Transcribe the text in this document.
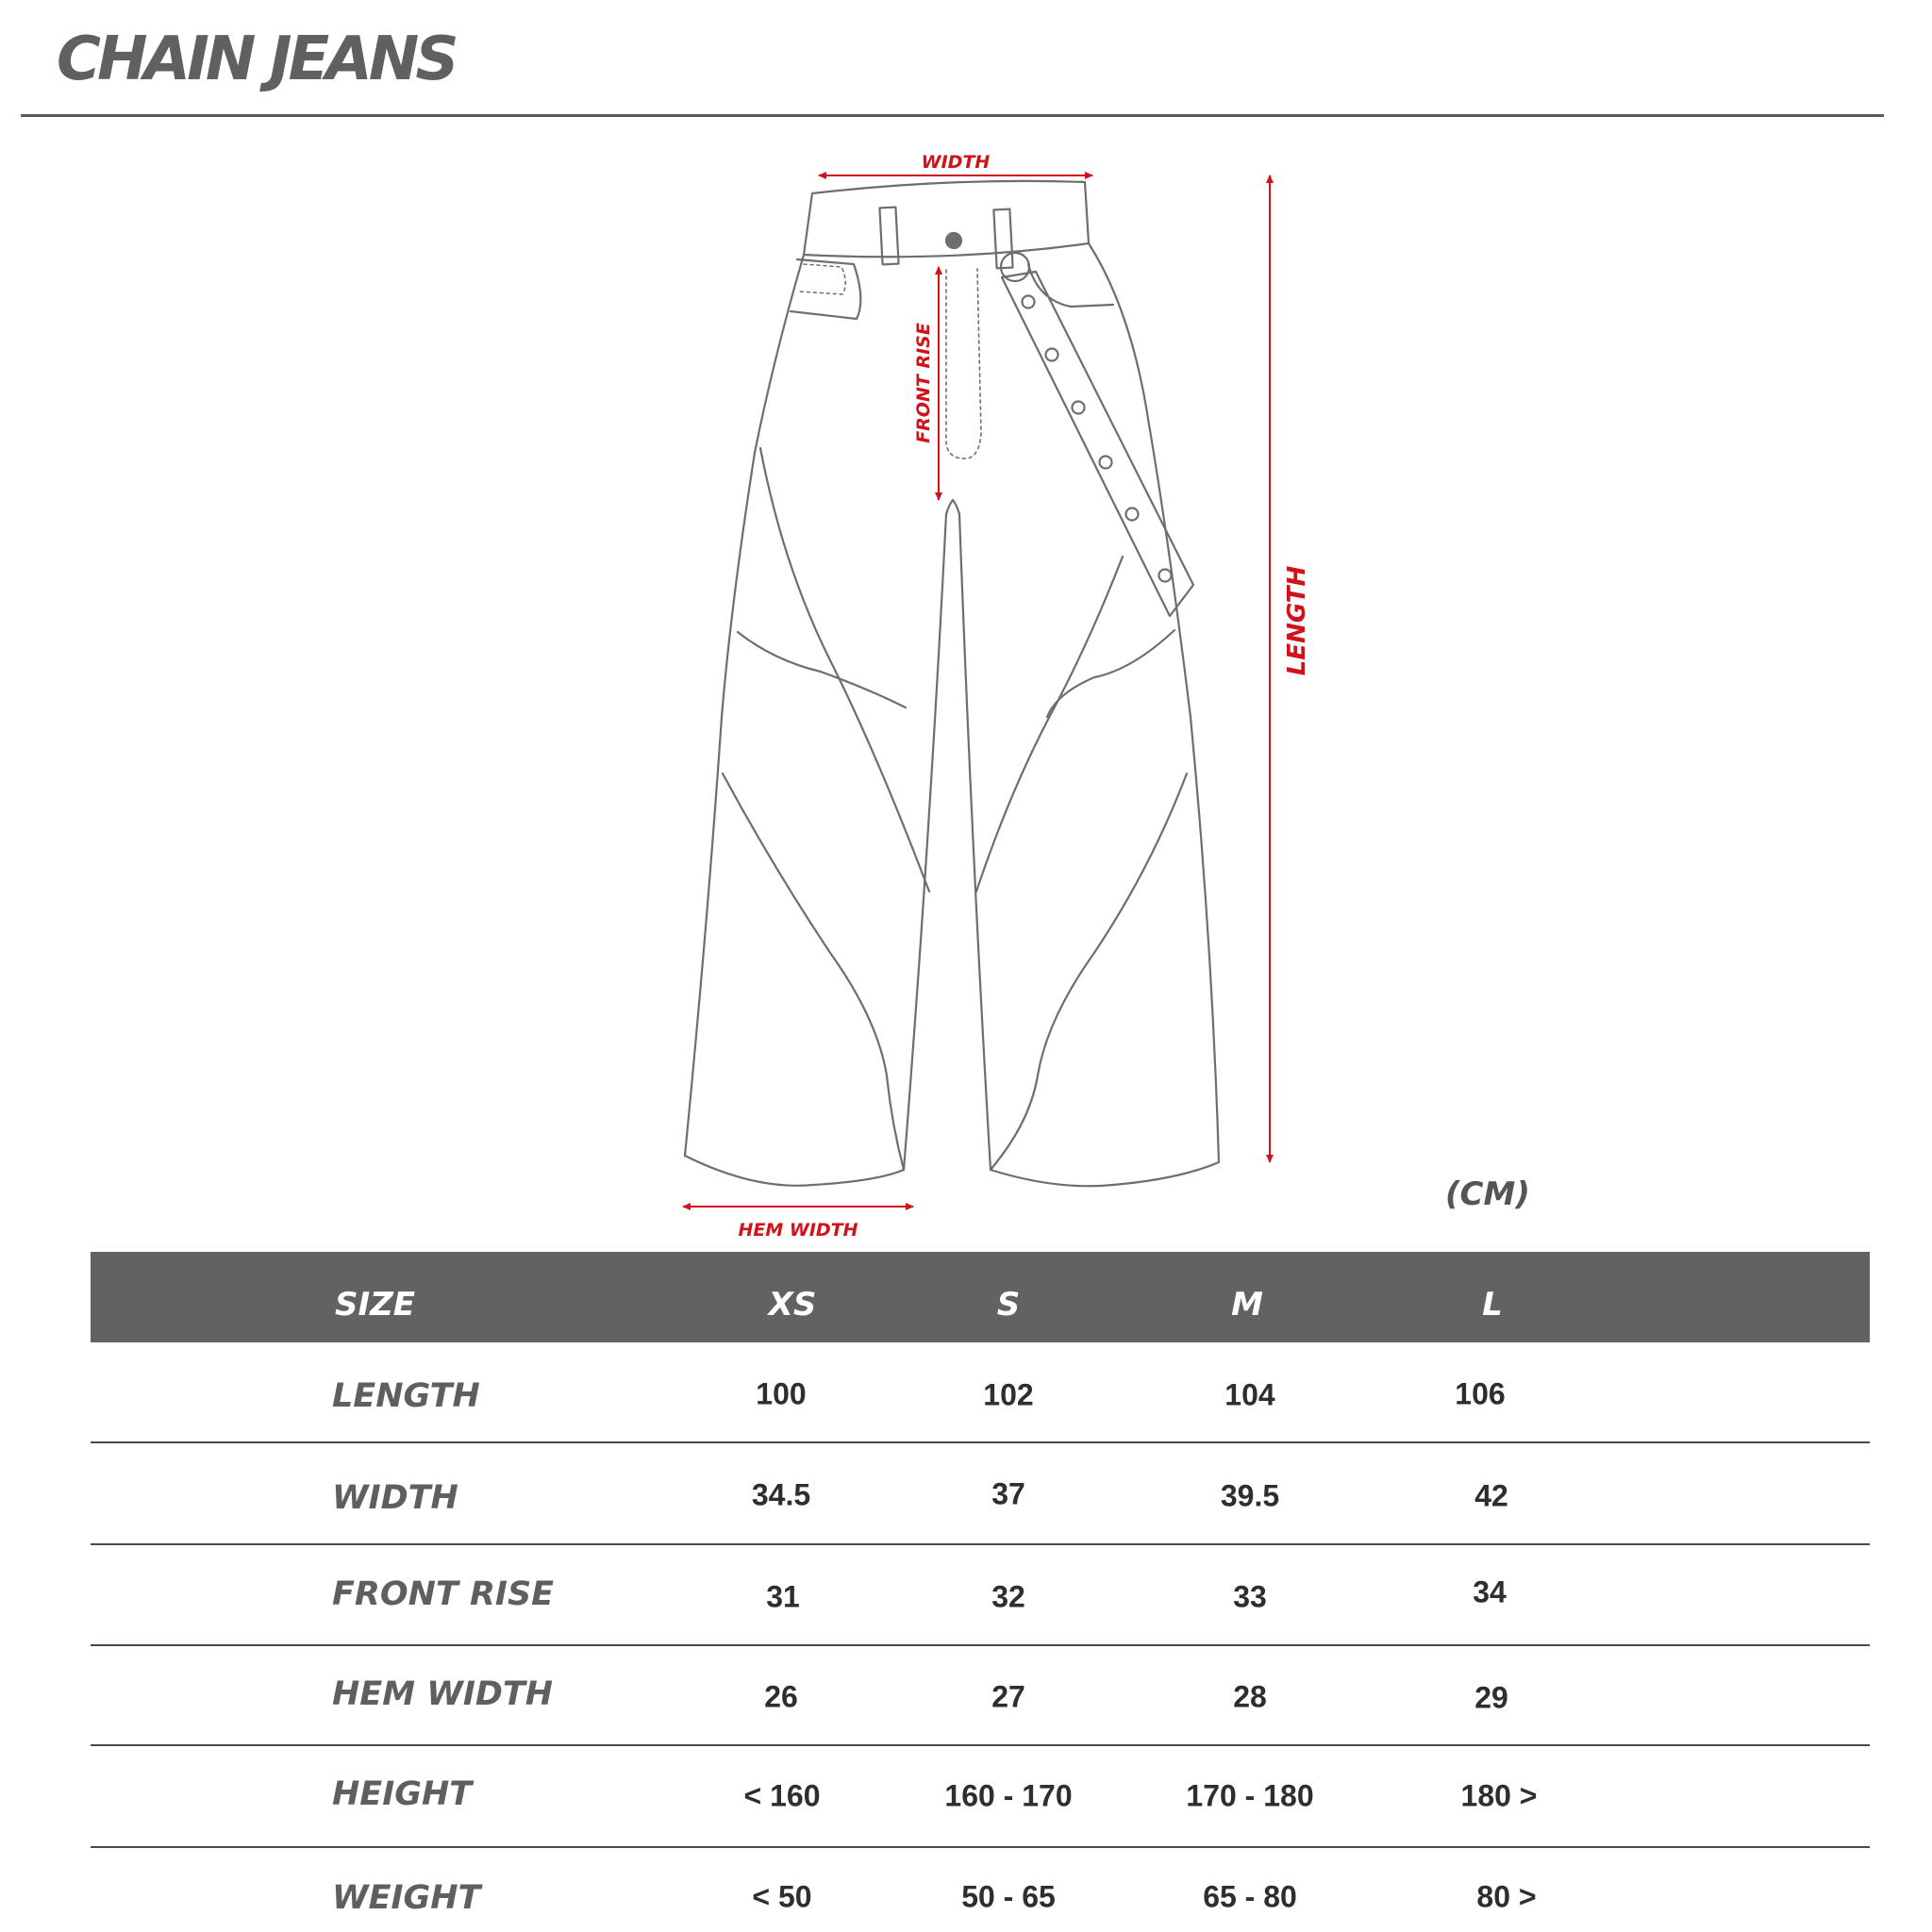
CHAIN JEANS
WIDTH
FRONT RISE
LENGTH
HEM WIDTH
(CM)
SIZE	XS	S	M	L
LENGTH	100	102	104	106
WIDTH	34.5	37	39.5	42
FRONT RISE	31	32	33	34
HEM WIDTH	26	27	28	29
HEIGHT	< 160	160 - 170	170 - 180	180 >
WEIGHT	< 50	50 - 65	65 - 80	80 >
